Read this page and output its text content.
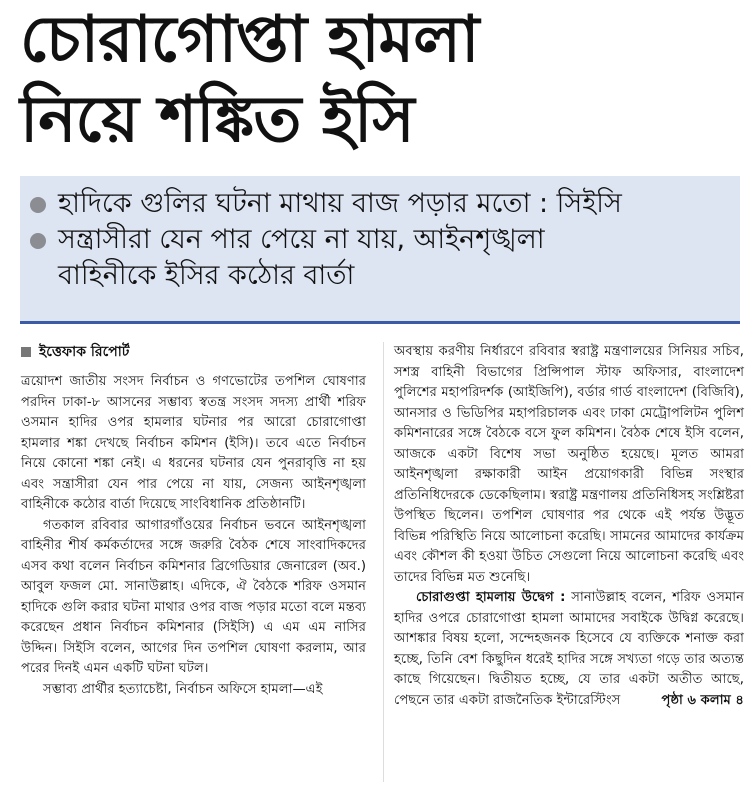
চোরাগোপ্তা হামলা
নিয়ে শঙ্কিত ইসি
হাদিকে গুলির ঘটনা মাথায় বাজ পড়ার মতো : সিইসি
সন্ত্রাসীরা যেন পার পেয়ে না যায়, আইনশৃঙ্খলা
বাহিনীকে ইসির কঠোর বার্তা
ইত্তেফাক রিপোর্ট

ত্রয়োদশ জাতীয় সংসদ নির্বাচন ও গণভোটের তপশিল ঘোষণার পরদিন ঢাকা-৮ আসনের সম্ভাব্য স্বতন্ত্র সংসদ সদস্য প্রার্থী শরিফ ওসমান হাদির ওপর হামলার ঘটনার পর আরো চোরাগোপ্তা হামলার শঙ্কা দেখছে নির্বাচন কমিশন (ইসি)। তবে এতে নির্বাচন নিয়ে কোনো শঙ্কা নেই। এ ধরনের ঘটনার যেন পুনরাবৃত্তি না হয় এবং সন্ত্রাসীরা যেন পার পেয়ে না যায়, সেজন্য আইনশৃঙ্খলা বাহিনীকে কঠোর বার্তা দিয়েছে সাংবিধানিক প্রতিষ্ঠানটি।

গতকাল রবিবার আগারগাঁওয়ের নির্বাচন ভবনে আইনশৃঙ্খলা বাহিনীর শীর্ষ কর্মকর্তাদের সঙ্গে জরুরি বৈঠক শেষে সাংবাদিকদের এসব কথা বলেন নির্বাচন কমিশনার ব্রিগেডিয়ার জেনারেল (অব.) আবুল ফজল মো. সানাউল্লাহ। এদিকে, ঐ বৈঠকে শরিফ ওসমান হাদিকে গুলি করার ঘটনা মাথার ওপর বাজ পড়ার মতো বলে মন্তব্য করেছেন প্রধান নির্বাচন কমিশনার (সিইসি) এ এম এম নাসির উদ্দিন। সিইসি বলেন, আগের দিন তপশিল ঘোষণা করলাম, আর পরের দিনই এমন একটি ঘটনা ঘটল।

সম্ভাব্য প্রার্থীর হত্যাচেষ্টা, নির্বাচন অফিসে হামলা—এই

অবস্থায় করণীয় নির্ধারণে রবিবার স্বরাষ্ট্র মন্ত্রণালয়ের সিনিয়র সচিব, সশস্ত্র বাহিনী বিভাগের প্রিন্সিপাল স্টাফ অফিসার, বাংলাদেশ পুলিশের মহাপরিদর্শক (আইজিপি), বর্ডার গার্ড বাংলাদেশ (বিজিবি), আনসার ও ভিডিপির মহাপরিচালক এবং ঢাকা মেট্রোপলিটন পুলিশ কমিশনারের সঙ্গে বৈঠকে বসে ফুল কমিশন। বৈঠক শেষে ইসি বলেন, আজকে একটা বিশেষ সভা অনুষ্ঠিত হয়েছে। মূলত আমরা আইনশৃঙ্খলা রক্ষাকারী আইন প্রয়োগকারী বিভিন্ন সংস্থার প্রতিনিধিদেরকে ডেকেছিলাম। স্বরাষ্ট্র মন্ত্রণালয় প্রতিনিধিসহ সংশ্লিষ্টরা উপস্থিত ছিলেন। তপশিল ঘোষণার পর থেকে এই পর্যন্ত উদ্ভূত বিভিন্ন পরিস্থিতি নিয়ে আলোচনা করেছি। সামনের আমাদের কার্যক্রম এবং কৌশল কী হওয়া উচিত সেগুলো নিয়ে আলোচনা করেছি এবং তাদের বিভিন্ন মত শুনেছি।

চোরাগুপ্তা হামলায় উদ্বেগ : সানাউল্লাহ বলেন, শরিফ ওসমান হাদির ওপরে চোরাগোপ্তা হামলা আমাদের সবাইকে উদ্বিগ্ন করেছে। আশঙ্কার বিষয় হলো, সন্দেহজনক হিসেবে যে ব্যক্তিকে শনাক্ত করা হচ্ছে, তিনি বেশ কিছুদিন ধরেই হাদির সঙ্গে সখ্যতা গড়ে তার অত্যন্ত কাছে গিয়েছেন। দ্বিতীয়ত হচ্ছে, যে তার একটা অতীত আছে, পেছনে তার একটা রাজনৈতিক ইন্টারেস্টিংস	পৃষ্ঠা ৬ কলাম ৪
